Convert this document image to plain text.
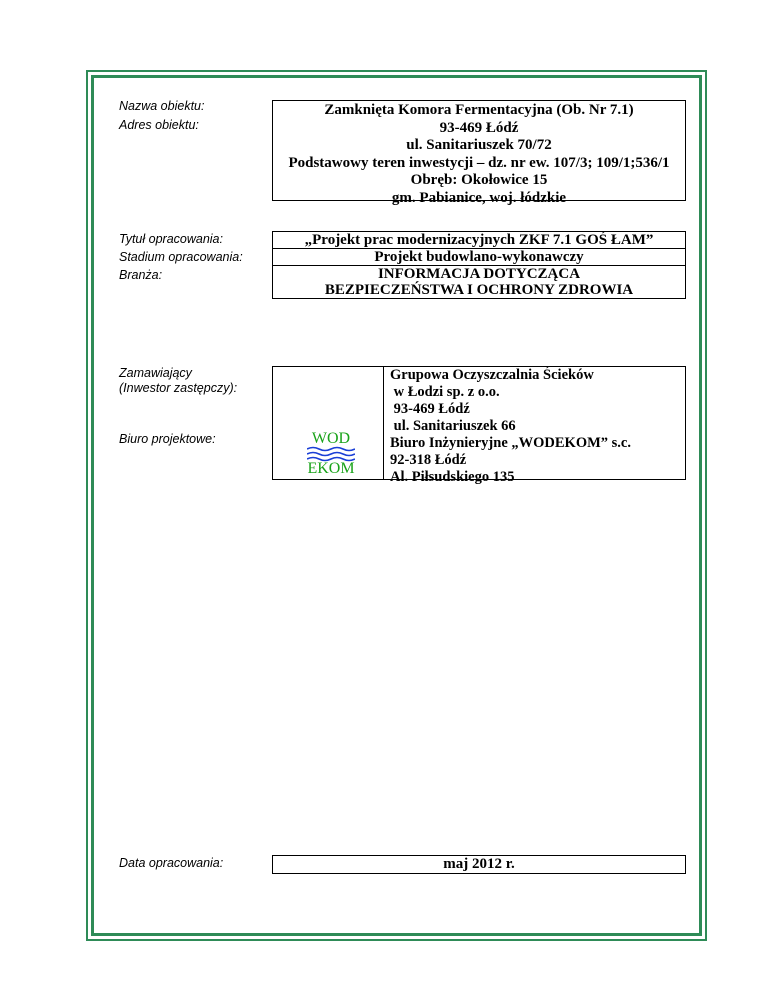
Nazwa obiektu:
Adres obiektu:
Zamknięta Komora Fermentacyjna (Ob. Nr 7.1)
93-469 Łódź
ul. Sanitariuszek 70/72
Podstawowy teren inwestycji – dz. nr ew. 107/3; 109/1;536/1
Obręb: Okołowice 15
gm. Pabianice, woj. łódzkie
Tytuł opracowania:
Stadium opracowania:
Branża:
„Projekt prac modernizacyjnych ZKF 7.1 GOŚ ŁAM”
Projekt budowlano-wykonawczy
INFORMACJA DOTYCZĄCA
BEZPIECZEŃSTWA I OCHRONY ZDROWIA
Zamawiający
(Inwestor zastępczy):
Biuro projektowe:	WOD
EKOM
Grupowa Oczyszczalnia Ścieków
w Łodzi sp. z o.o.
93-469 Łódź
ul. Sanitariuszek 66
Biuro Inżynieryjne „WODEKOM” s.c.
92-318 Łódź
Al. Piłsudskiego 135
Data opracowania:	maj 2012 r.
